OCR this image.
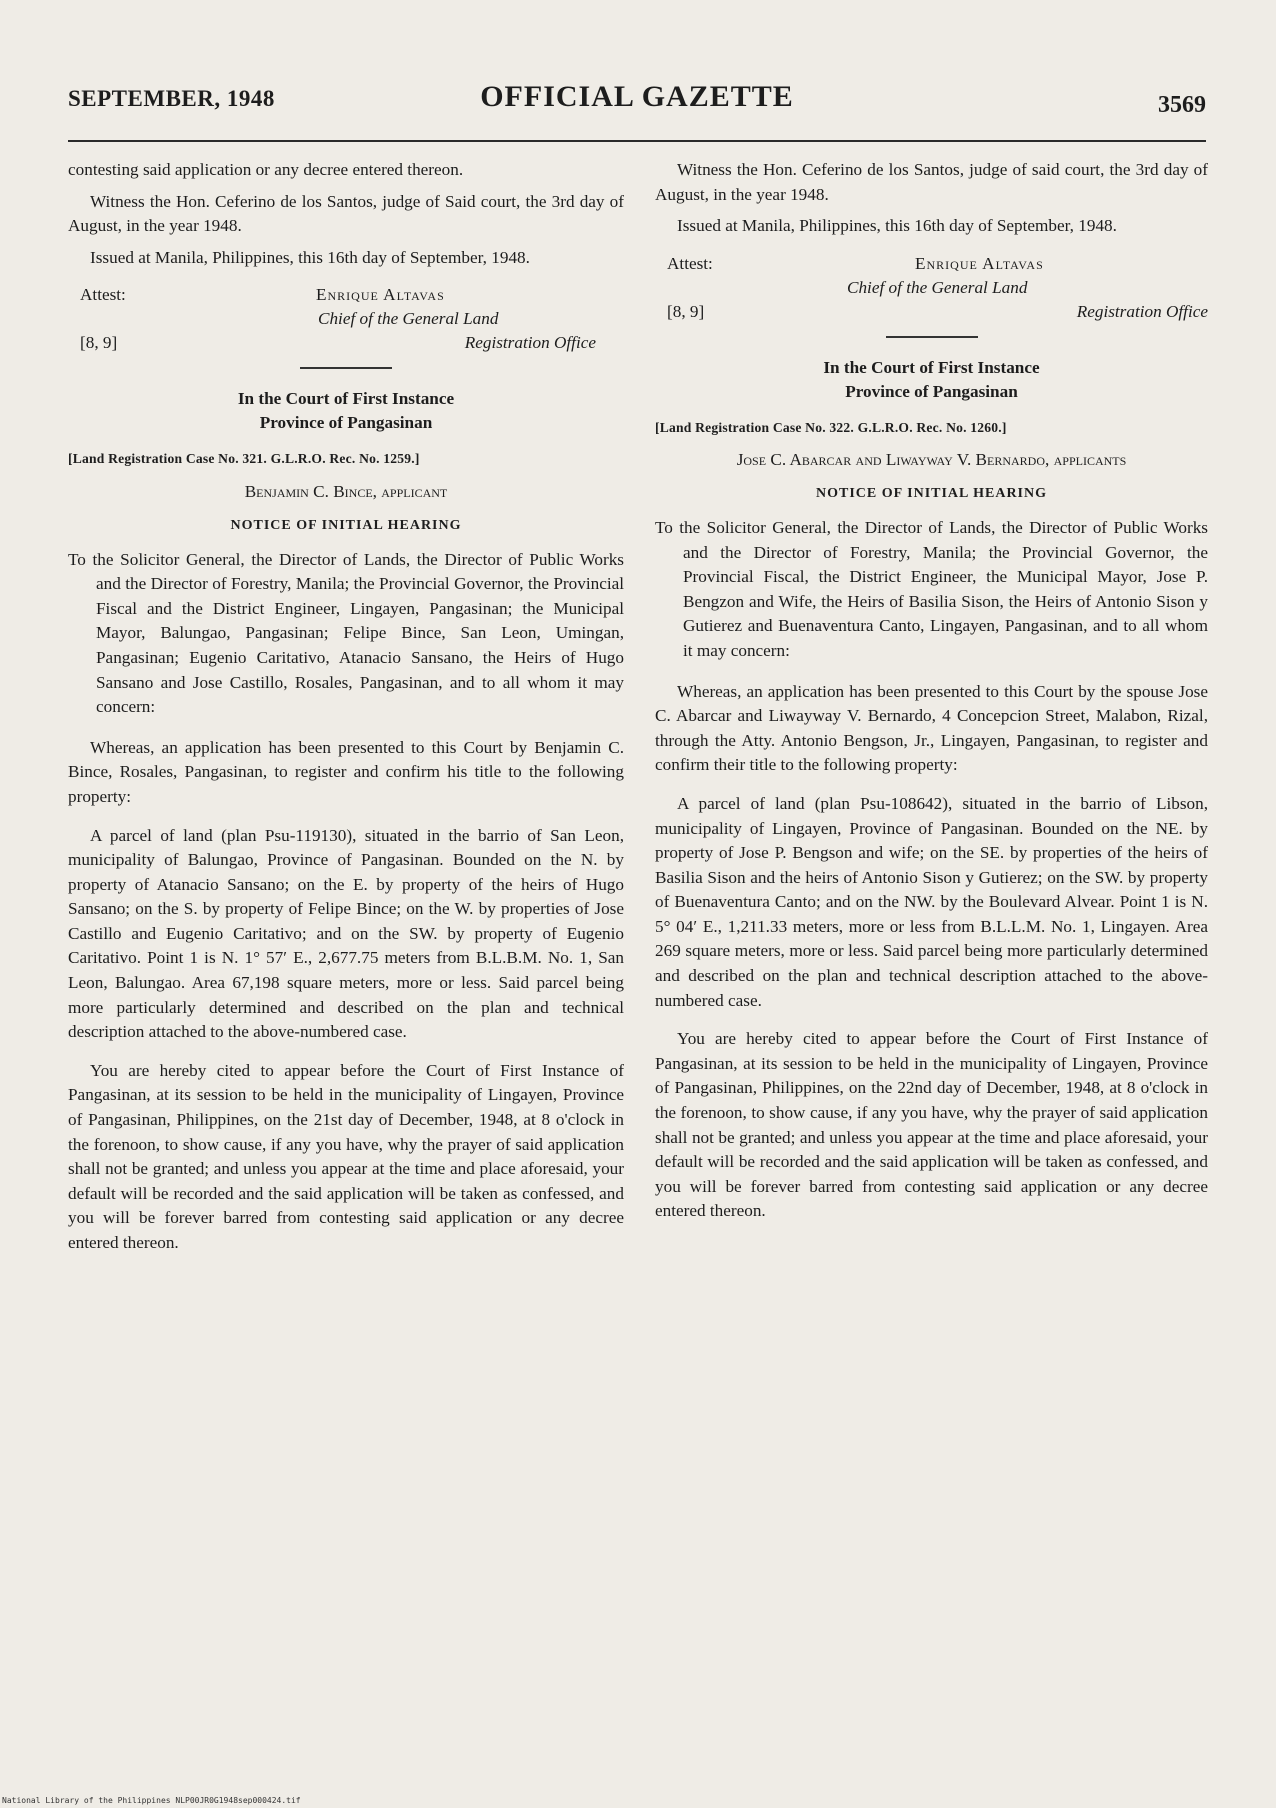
SEPTEMBER, 1948	OFFICIAL GAZETTE	3569

contesting said application or any decree entered thereon.

Witness the Hon. Ceferino de los Santos, judge of Said court, the 3rd day of August, in the year 1948.

Issued at Manila, Philippines, this 16th day of September, 1948.

Attest:	Enrique Altavas
Chief of the General Land
[8, 9]	Registration Office
In the Court of First Instance
Province of Pangasinan
[Land Registration Case No. 321. G.L.R.O. Rec. No. 1259.]
Benjamin C. Bince, applicant
NOTICE OF INITIAL HEARING

To the Solicitor General, the Director of Lands, the Director of Public Works and the Director of Forestry, Manila; the Provincial Governor, the Provincial Fiscal and the District Engineer, Lingayen, Pangasinan; the Municipal Mayor, Balungao, Pangasinan; Felipe Bince, San Leon, Umingan, Pangasinan; Eugenio Caritativo, Atanacio Sansano, the Heirs of Hugo Sansano and Jose Castillo, Rosales, Pangasinan, and to all whom it may concern:

Whereas, an application has been presented to this Court by Benjamin C. Bince, Rosales, Pangasinan, to register and confirm his title to the following property:

A parcel of land (plan Psu-119130), situated in the barrio of San Leon, municipality of Balungao, Province of Pangasinan. Bounded on the N. by property of Atanacio Sansano; on the E. by property of the heirs of Hugo Sansano; on the S. by property of Felipe Bince; on the W. by properties of Jose Castillo and Eugenio Caritativo; and on the SW. by property of Eugenio Caritativo. Point 1 is N. 1° 57′ E., 2,677.75 meters from B.L.B.M. No. 1, San Leon, Balungao. Area 67,198 square meters, more or less. Said parcel being more particularly determined and described on the plan and technical description attached to the above-numbered case.

You are hereby cited to appear before the Court of First Instance of Pangasinan, at its session to be held in the municipality of Lingayen, Province of Pangasinan, Philippines, on the 21st day of December, 1948, at 8 o'clock in the forenoon, to show cause, if any you have, why the prayer of said application shall not be granted; and unless you appear at the time and place aforesaid, your default will be recorded and the said application will be taken as confessed, and you will be forever barred from contesting said application or any decree entered thereon.

Witness the Hon. Ceferino de los Santos, judge of said court, the 3rd day of August, in the year 1948.

Issued at Manila, Philippines, this 16th day of September, 1948.

Attest:	Enrique Altavas
Chief of the General Land
[8, 9]	Registration Office
In the Court of First Instance
Province of Pangasinan
[Land Registration Case No. 322. G.L.R.O. Rec. No. 1260.]
Jose C. Abarcar and Liwayway V. Bernardo, applicants
NOTICE OF INITIAL HEARING

To the Solicitor General, the Director of Lands, the Director of Public Works and the Director of Forestry, Manila; the Provincial Governor, the Provincial Fiscal, the District Engineer, the Municipal Mayor, Jose P. Bengzon and Wife, the Heirs of Basilia Sison, the Heirs of Antonio Sison y Gutierez and Buenaventura Canto, Lingayen, Pangasinan, and to all whom it may concern:

Whereas, an application has been presented to this Court by the spouse Jose C. Abarcar and Liwayway V. Bernardo, 4 Concepcion Street, Malabon, Rizal, through the Atty. Antonio Bengson, Jr., Lingayen, Pangasinan, to register and confirm their title to the following property:

A parcel of land (plan Psu-108642), situated in the barrio of Libson, municipality of Lingayen, Province of Pangasinan. Bounded on the NE. by property of Jose P. Bengson and wife; on the SE. by properties of the heirs of Basilia Sison and the heirs of Antonio Sison y Gutierez; on the SW. by property of Buenaventura Canto; and on the NW. by the Boulevard Alvear. Point 1 is N. 5° 04′ E., 1,211.33 meters, more or less from B.L.L.M. No. 1, Lingayen. Area 269 square meters, more or less. Said parcel being more particularly determined and described on the plan and technical description attached to the above-numbered case.

You are hereby cited to appear before the Court of First Instance of Pangasinan, at its session to be held in the municipality of Lingayen, Province of Pangasinan, Philippines, on the 22nd day of December, 1948, at 8 o'clock in the forenoon, to show cause, if any you have, why the prayer of said application shall not be granted; and unless you appear at the time and place aforesaid, your default will be recorded and the said application will be taken as confessed, and you will be forever barred from contesting said application or any decree entered thereon.

National Library of the Philippines NLP00JR0G1948sep000424.tif
